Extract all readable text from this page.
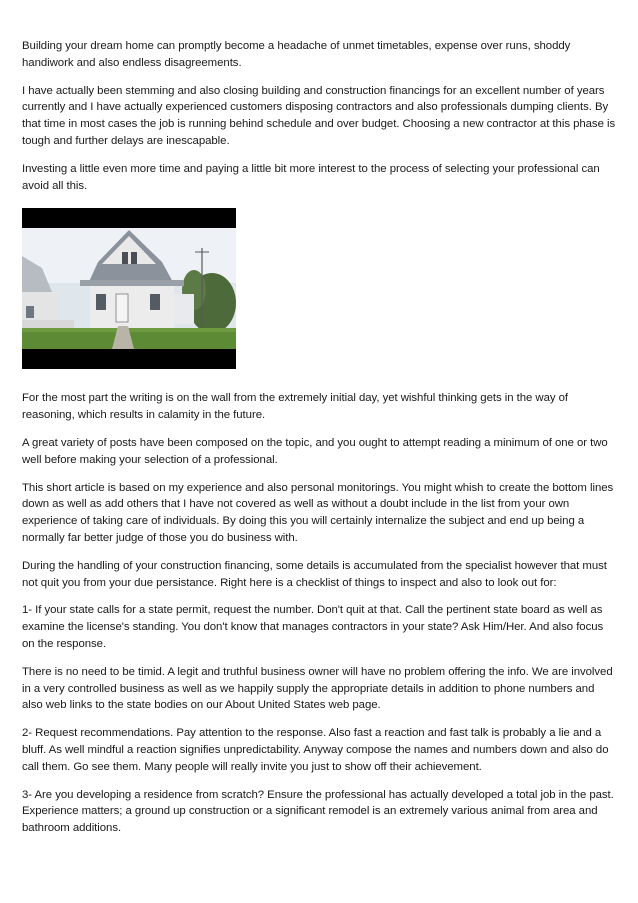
Building your dream home can promptly become a headache of unmet timetables, expense over runs, shoddy handiwork and also endless disagreements.

I have actually been stemming and also closing building and construction financings for an excellent number of years currently and I have actually experienced customers disposing contractors and also professionals dumping clients. By that time in most cases the job is running behind schedule and over budget. Choosing a new contractor at this phase is tough and further delays are inescapable.

Investing a little even more time and paying a little bit more interest to the process of selecting your professional can avoid all this.

For the most part the writing is on the wall from the extremely initial day, yet wishful thinking gets in the way of reasoning, which results in calamity in the future.

A great variety of posts have been composed on the topic, and you ought to attempt reading a minimum of one or two well before making your selection of a professional.

This short article is based on my experience and also personal monitorings. You might whish to create the bottom lines down as well as add others that I have not covered as well as without a doubt include in the list from your own experience of taking care of individuals. By doing this you will certainly internalize the subject and end up being a normally far better judge of those you do business with.

During the handling of your construction financing, some details is accumulated from the specialist however that must not quit you from your due persistance. Right here is a checklist of things to inspect and also to look out for:

1- If your state calls for a state permit, request the number. Don't quit at that. Call the pertinent state board as well as examine the license's standing. You don't know that manages contractors in your state? Ask Him/Her. And also focus on the response.

There is no need to be timid. A legit and truthful business owner will have no problem offering the info. We are involved in a very controlled business as well as we happily supply the appropriate details in addition to phone numbers and also web links to the state bodies on our About United States web page.

2- Request recommendations. Pay attention to the response. Also fast a reaction and fast talk is probably a lie and a bluff. As well mindful a reaction signifies unpredictability. Anyway compose the names and numbers down and also do call them. Go see them. Many people will really invite you just to show off their achievement.

3- Are you developing a residence from scratch? Ensure the professional has actually developed a total job in the past. Experience matters; a ground up construction or a significant remodel is an extremely various animal from area and bathroom additions.
